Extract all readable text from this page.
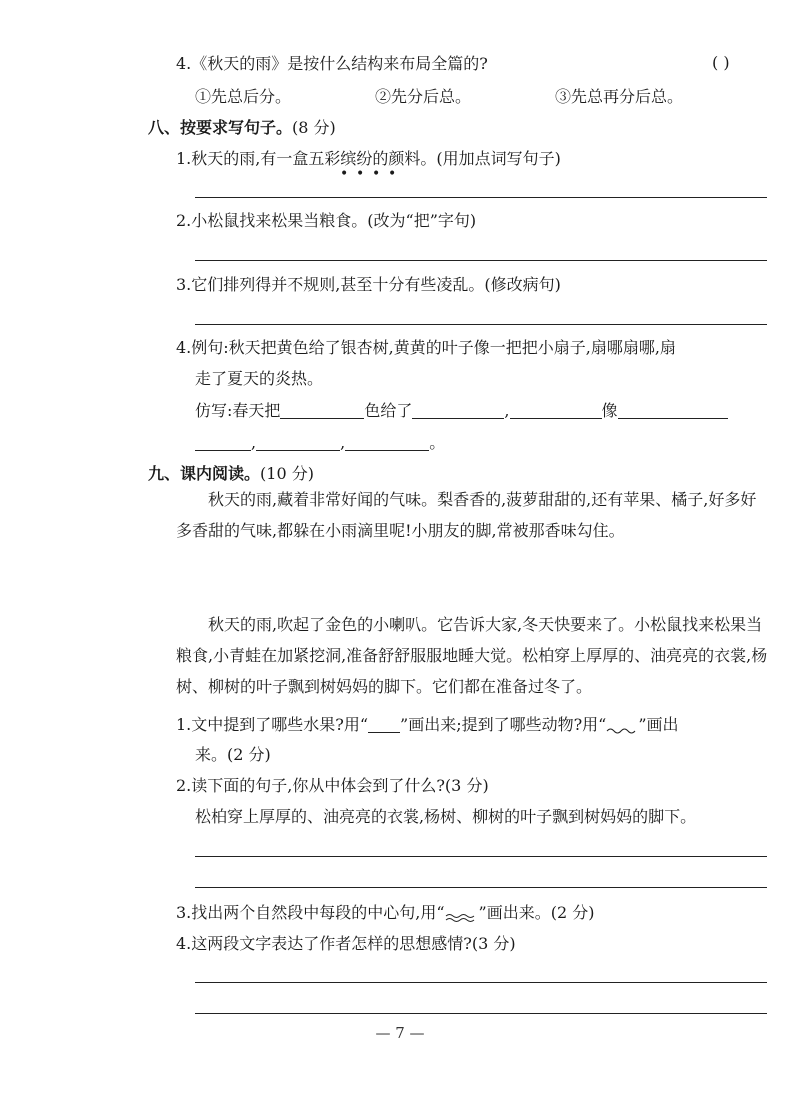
4.《秋天的雨》是按什么结构来布局全篇的?	( )
①先总后分。	②先分后总。	③先总再分后总。
八、按要求写句子。(8 分)
1.秋天的雨,有一盒五彩缤纷的颜料。(用加点词写句子)
• • • •
2.小松鼠找来松果当粮食。(改为“把”字句)
3.它们排列得并不规则,甚至十分有些凌乱。(修改病句)
4.例句:秋天把黄色给了银杏树,黄黄的叶子像一把把小扇子,扇哪扇哪,扇
走了夏天的炎热。
仿写:春天把	色给了	,	像
,	,	。
九、课内阅读。(10 分)
秋天的雨,藏着非常好闻的气味。梨香香的,菠萝甜甜的,还有苹果、橘子,好多好多香甜的气味,都躲在小雨滴里呢!小朋友的脚,常被那香味勾住。
秋天的雨,吹起了金色的小喇叭。它告诉大家,冬天快要来了。小松鼠找来松果当粮食,小青蛙在加紧挖洞,准备舒舒服服地睡大觉。松柏穿上厚厚的、油亮亮的衣裳,杨树、柳树的叶子飘到树妈妈的脚下。它们都在准备过冬了。
1.文中提到了哪些水果?用“ ”画出来;提到了哪些动物?用“ ”画出
来。(2 分)
2.读下面的句子,你从中体会到了什么?(3 分)
松柏穿上厚厚的、油亮亮的衣裳,杨树、柳树的叶子飘到树妈妈的脚下。
3.找出两个自然段中每段的中心句,用“ ”画出来。(2 分)
4.这两段文字表达了作者怎样的思想感情?(3 分)
— 7 —
